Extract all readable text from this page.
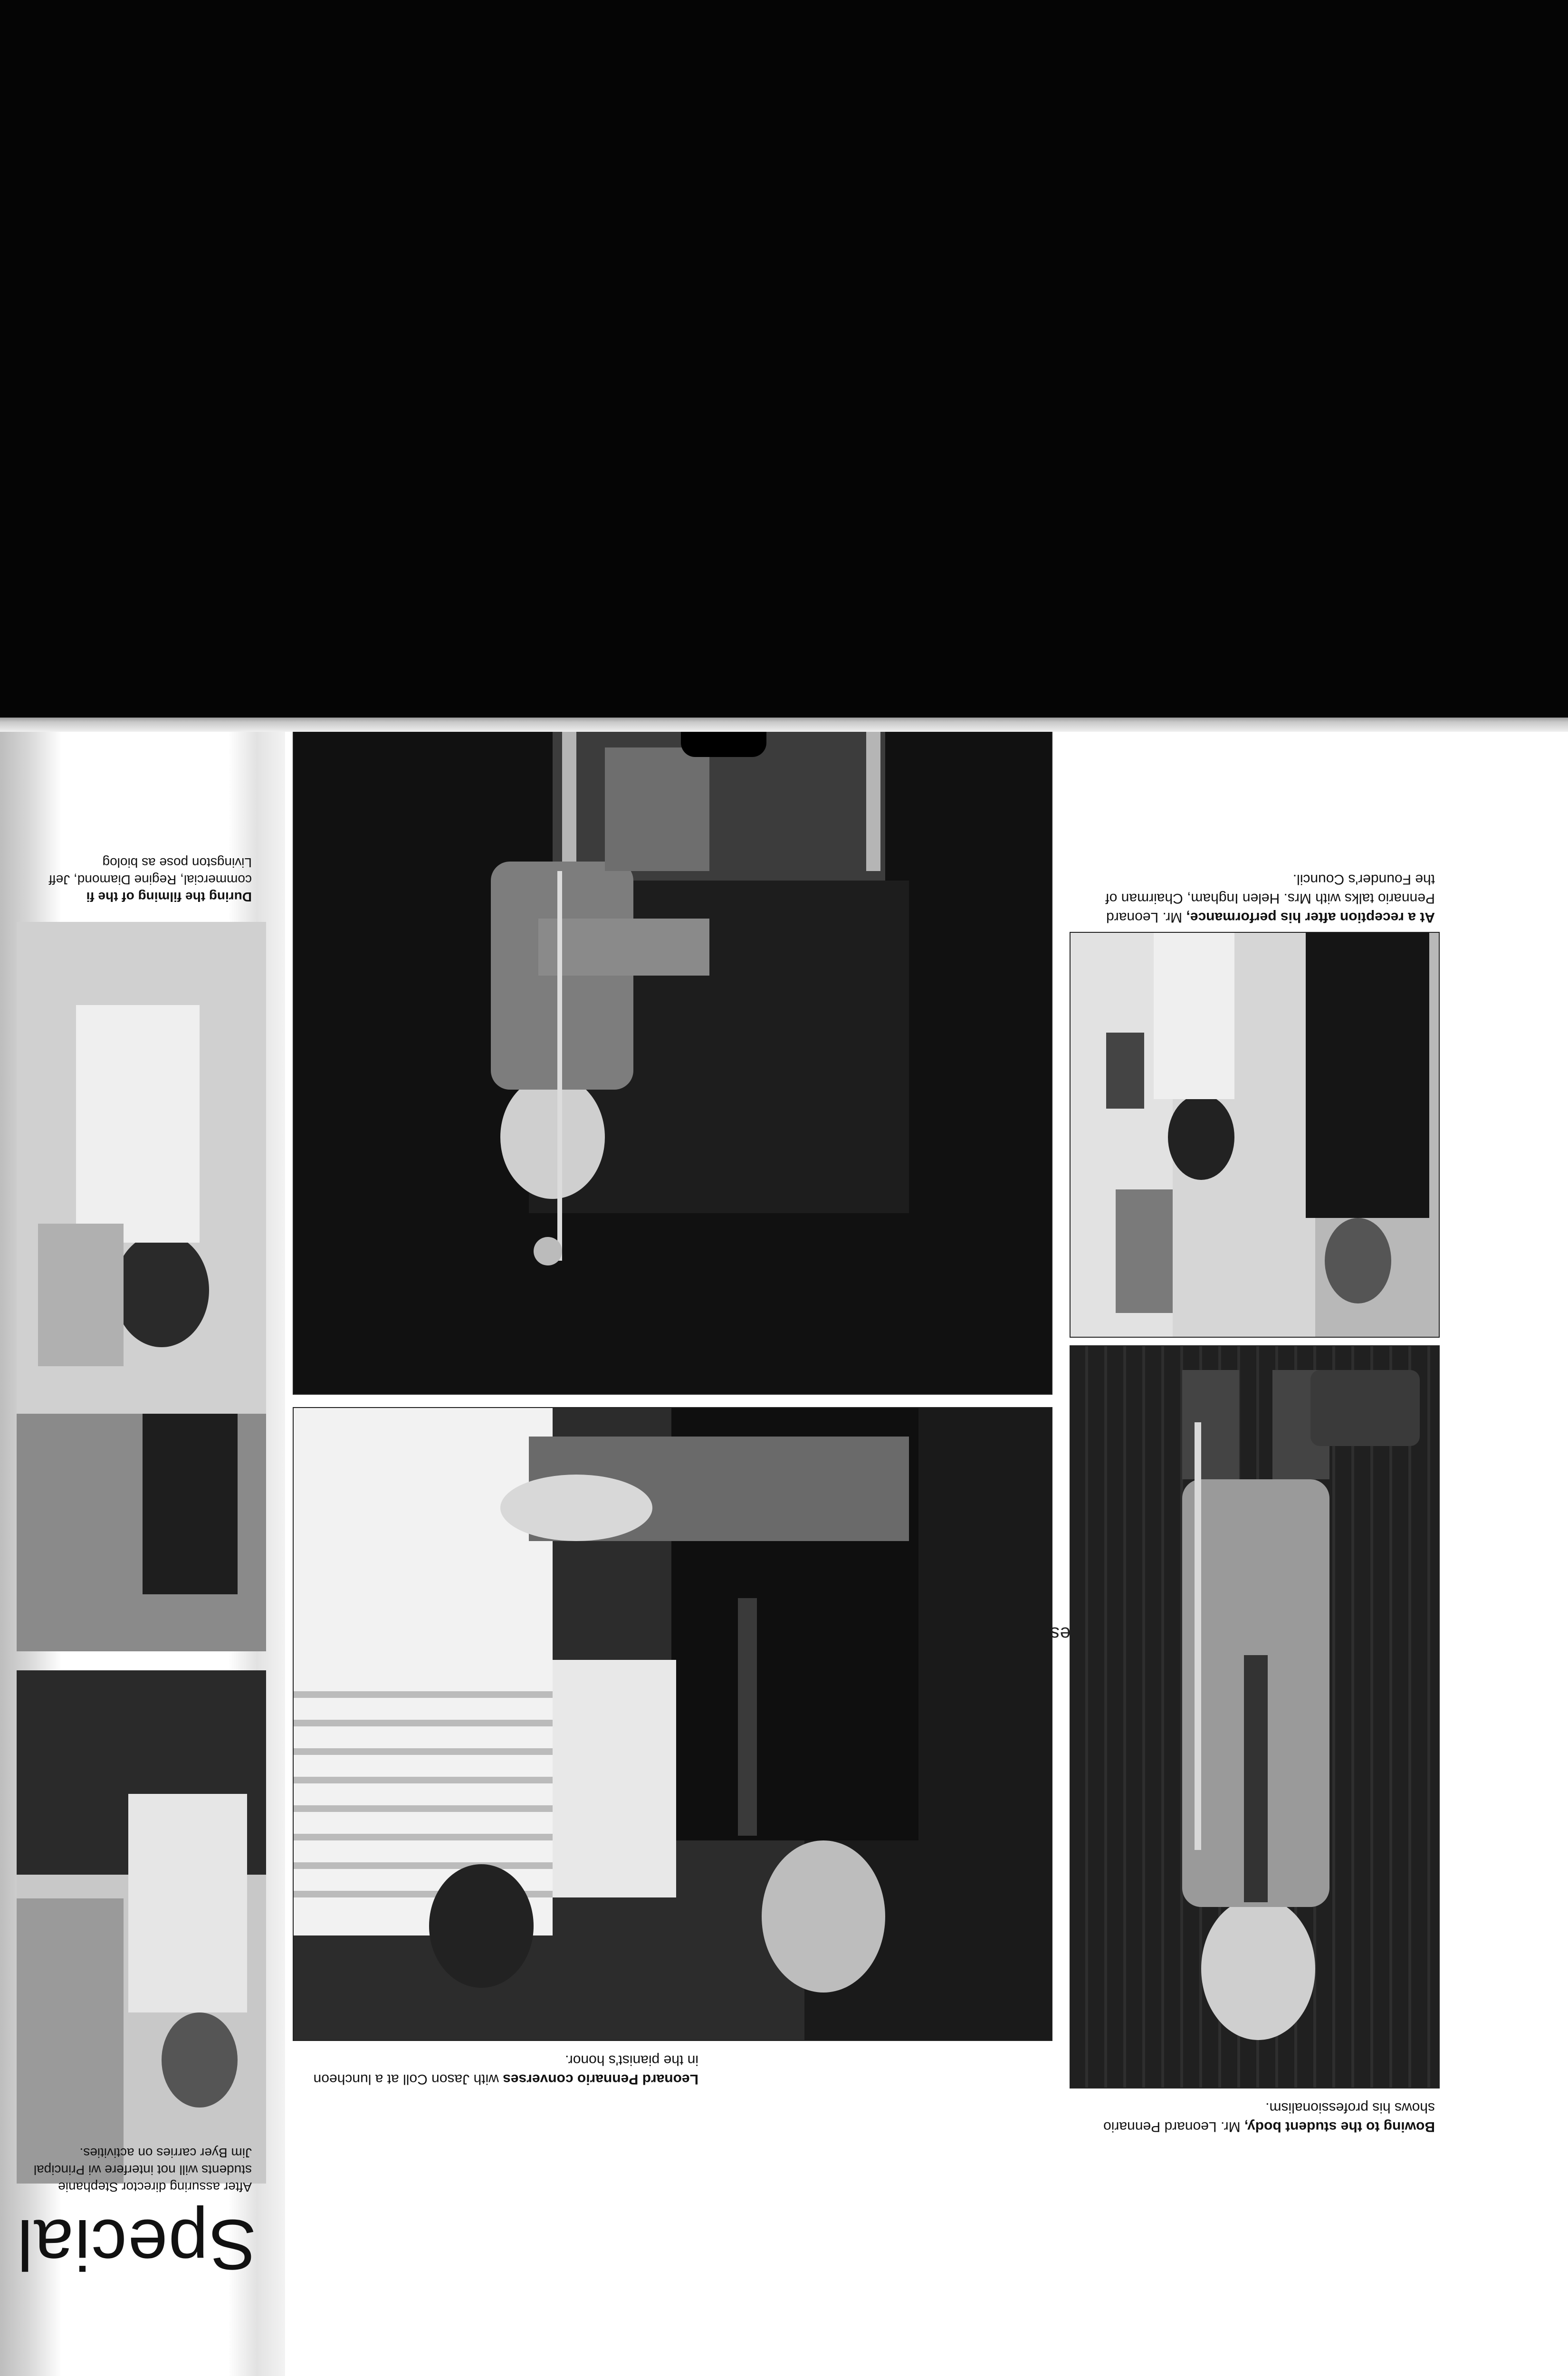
Bowing to the student body, Mr. Leonard Pennario shows his professionalism.
At a reception after his performance, Mr. Leonard Pennario talks with Mrs. Helen Ingham, Chairman of the Founder's Council.
Leonard Pennario converses with Jason Coll at a luncheon in the pianist's honor.
Special
After assuring director Stephanie students will not interfere wi Principal Jim Byer carries on activities.
During the filming of the fi commercial, Regine Diamond, Jeff Livingston pose as biolog
